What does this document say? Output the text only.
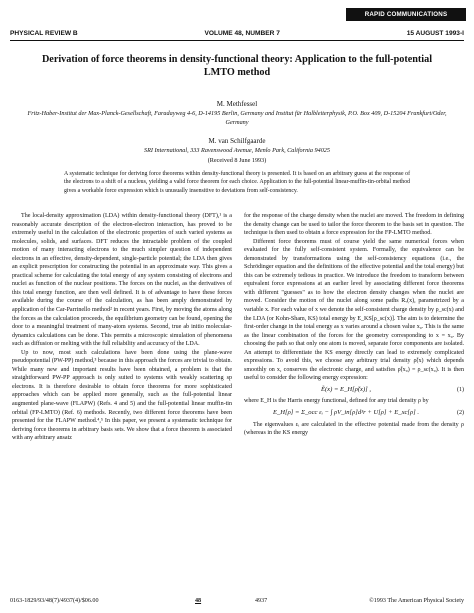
RAPID COMMUNICATIONS
PHYSICAL REVIEW B	VOLUME 48, NUMBER 7	15 AUGUST 1993-I
Derivation of force theorems in density-functional theory: Application to the full-potential LMTO method
M. Methfessel
Fritz-Haber-Institut der Max-Planck-Gesellschaft, Faradayweg 4-6, D-14195 Berlin, Germany and Institut für Halbleiterphysik, P.O. Box 409, D-15204 Frankfurt/Oder, Germany
M. van Schilfgaarde
SRI International, 333 Ravenswood Avenue, Menlo Park, California 94025
(Received 8 June 1993)
A systematic technique for deriving force theorems within density-functional theory is presented. It is based on an arbitrary guess at the response of the electrons to a shift of a nucleus, yielding a valid force theorem for each choice. Application to the full-potential linear-muffin-tin-orbital method gives a workable force expression which is unusually insensitive to deviations from self-consistency.

The local-density approximation (LDA) within density-functional theory (DFT),¹ is a reasonably accurate description of the electron-electron interaction, has proved to be extremely useful in the calculation of the electronic properties of such varied systems as molecules, solids, and surfaces. DFT reduces the intractable problem of the coupled motion of many interacting electrons to the much simpler question of independent electrons in an effective, density-dependent, single-particle potential; the LDA then gives an explicit prescription for constructing the potential in an approximate way. This gives a practical scheme for calculating the total energy of any system consisting of electrons and nuclei as function of the nuclear positions. The forces on the nuclei, as the derivatives of this total energy function, are then well defined. It is of advantage to have these forces available during the course of the calculation, as has been amply demonstrated by application of the Car-Parrinello method² in recent years. First, by moving the atoms along the forces as the calculation proceeds, the equilibrium geometry can be found, opening the door to a meaningful treatment of many-atom systems. Second, true ab initio molecular-dynamics calculations can be done. This permits a microscopic simulation of phenomena such as diffusion or melting with the full reliability and accuracy of the LDA.

Up to now, most such calculations have been done using the plane-wave pseudopotential (PW-PP) method,³ because in this approach the forces are trivial to obtain. While many new and important results have been obtained, a problem is that the straightforward PW-PP approach is only suited to systems with weakly scattering sp electrons. It is therefore desirable to obtain force theorems for more sophisticated approaches which can be applied more generally, such as the full-potential linear augmented plane-wave (FLAPW) (Refs. 4 and 5) and the full-potential linear muffin-tin orbital (FP-LMTO) (Ref. 6) methods. Recently, two different force theorems have been presented for the FLAPW method.⁴,⁵ In this paper, we present a systematic technique for deriving force theorems in arbitrary basis sets. We show that a force theorem is associated with any arbitrary ansatz

for the response of the charge density when the nuclei are moved. The freedom in defining the density change can be used to tailor the force theorem to the basis set in question. The technique is then used to obtain a force expression for the FP-LMTO method.

Different force theorems must of course yield the same numerical forces when evaluated for the fully self-consistent system. Formally, the equivalence can be demonstrated by transformations using the self-consistency equations (i.e., the Schrödinger equation and the definitions of the effective potential and the total energy) but this can be extremely tedious in practice. We introduce the freedom to transform between equivalent force expressions at an earlier level by associating different force theorems with different "guesses" as to how the electron density changes when the nuclei are moved. Consider the motion of the nuclei along some paths Rᵥ(x), parametrized by a variable x. For each value of x we denote the self-consistent charge density by ρ_sc(x) and the LDA (or Kohn-Sham, KS) total energy by E_KS[ρ_sc(x)]. The aim is to determine the first-order change in the total energy as x varies around a chosen value x₀. This is the same as the linear combination of the forces for the geometry corresponding to x = x₀. By choosing the path so that only one atom is moved, separate force components are isolated. An attempt to differentiate the KS energy directly can lead to extremely complicated expressions. To avoid this, we choose any arbitrary trial density ρ̃(x) which depends smoothly on x, conserves the electronic charge, and satisfies ρ̃(x₀) = ρ_sc(x₀). It is then useful to consider the following energy expression:

Ẽ(x) = E_H[ρ̃(x)] ,	(1)

where E_H is the Harris energy functional, defined for any trial density ρ by

E_H[ρ] = Σ_occ εᵢ − ∫ ρV_in[ρ]d³r + U[ρ] + E_xc[ρ] .	(2)

The eigenvalues εᵢ are calculated in the effective potential made from the density ρ (whereas in the KS energy

0163-1829/93/48(7)/4937(4)/$06.00	48	4937	©1993 The American Physical Society
